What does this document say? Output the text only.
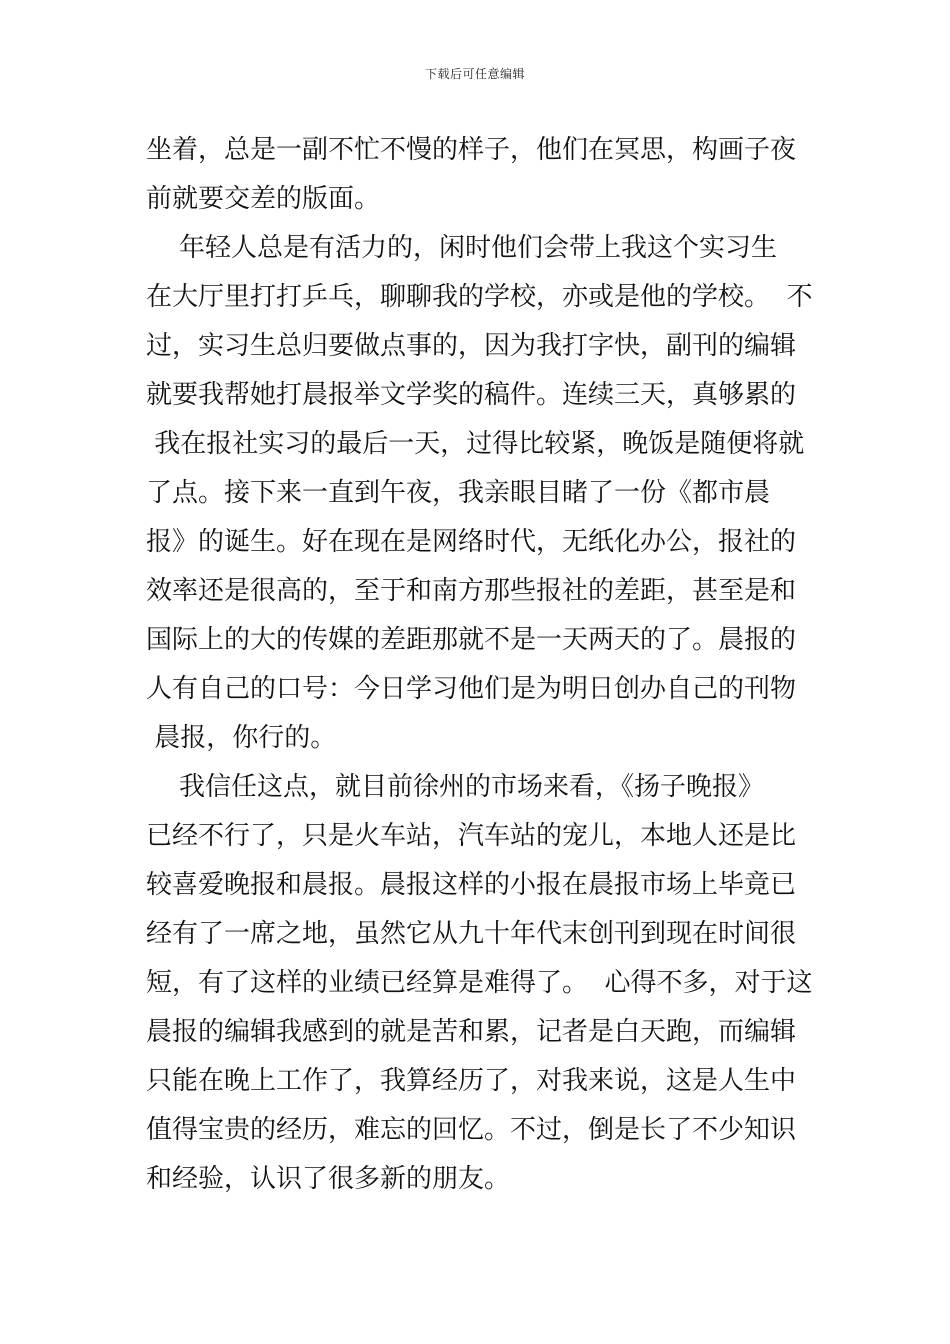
下载后可任意编辑
坐着，总是一副不忙不慢的样子，他们在冥思，构画子夜
前就要交差的版面。
年轻人总是有活力的，闲时他们会带上我这个实习生
在大厅里打打乒乓，聊聊我的学校，亦或是他的学校。  不
过，实习生总归要做点事的，因为我打字快，副刊的编辑
就要我帮她打晨报举文学奖的稿件。连续三天，真够累的
我在报社实习的最后一天，过得比较紧，晚饭是随便将就
了点。接下来一直到午夜，我亲眼目睹了一份《都市晨
报》的诞生。好在现在是网络时代，无纸化办公，报社的
效率还是很高的，至于和南方那些报社的差距，甚至是和
国际上的大的传媒的差距那就不是一天两天的了。晨报的
人有自己的口号：今日学习他们是为明日创办自己的刊物
晨报，你行的。
我信任这点，就目前徐州的市场来看，《扬子晚报》
已经不行了，只是火车站，汽车站的宠儿，本地人还是比
较喜爱晚报和晨报。晨报这样的小报在晨报市场上毕竟已
经有了一席之地，虽然它从九十年代末创刊到现在时间很
短，有了这样的业绩已经算是难得了。  心得不多，对于这
晨报的编辑我感到的就是苦和累，记者是白天跑，而编辑
只能在晚上工作了，我算经历了，对我来说，这是人生中
值得宝贵的经历，难忘的回忆。不过，倒是长了不少知识
和经验，认识了很多新的朋友。
